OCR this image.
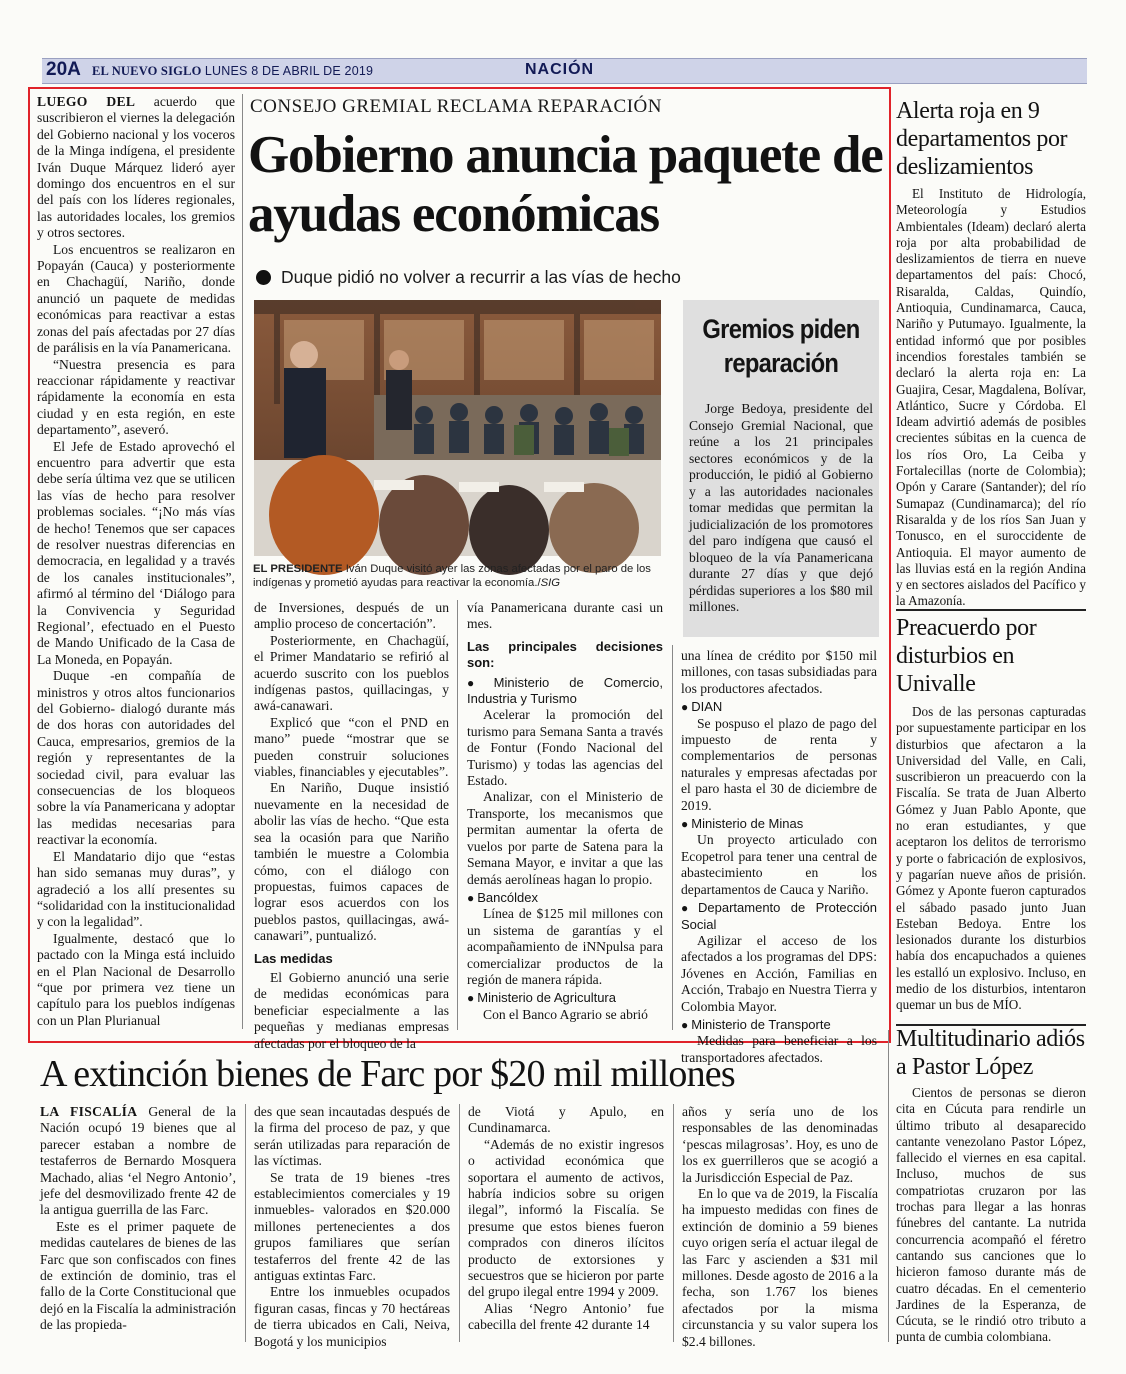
20A EL NUEVO SIGLO LUNES 8 DE ABRIL DE 2019	NACIÓN

LUEGO DEL acuerdo que suscribieron el viernes la delegación del Gobierno nacional y los voceros de la Minga indígena, el presidente Iván Duque Márquez lideró ayer domingo dos encuentros en el sur del país con los líderes regionales, las autoridades locales, los gremios y otros sectores.

Los encuentros se realizaron en Popayán (Cauca) y posteriormente en Chachagüí, Nariño, donde anunció un paquete de medidas económicas para reactivar a estas zonas del país afectadas por 27 días de parálisis en la vía Panamericana.

“Nuestra presencia es para reaccionar rápidamente y reactivar rápidamente la economía en esta ciudad y en esta región, en este departamento”, aseveró.

El Jefe de Estado aprovechó el encuentro para advertir que esta debe sería última vez que se utilicen las vías de hecho para resolver problemas sociales. “¡No más vías de hecho! Tenemos que ser capaces de resolver nuestras diferencias en democracia, en legalidad y a través de los canales institucionales”, afirmó al término del ‘Diálogo para la Convivencia y Seguridad Regional’, efectuado en el Puesto de Mando Unificado de la Casa de La Moneda, en Popayán.

Duque -en compañía de ministros y otros altos funcionarios del Gobierno- dialogó durante más de dos horas con autoridades del Cauca, empresarios, gremios de la región y representantes de la sociedad civil, para evaluar las consecuencias de los bloqueos sobre la vía Panamericana y adoptar las medidas necesarias para reactivar la economía.

El Mandatario dijo que “estas han sido semanas muy duras”, y agradeció a los allí presentes su “solidaridad con la institucionalidad y con la legalidad”.

Igualmente, destacó que lo pactado con la Minga está incluido en el Plan Nacional de Desarrollo “que por primera vez tiene un capítulo para los pueblos indígenas con un Plan Plurianual

CONSEJO GREMIAL RECLAMA REPARACIÓN
Gobierno anuncia paquete de ayudas económicas
Duque pidió no volver a recurrir a las vías de hecho
EL PRESIDENTE Iván Duque visitó ayer las zonas afectadas por el paro de los indígenas y prometió ayudas para reactivar la economía./SIG

de Inversiones, después de un amplio proceso de concertación”.

Posteriormente, en Chachagüí, el Primer Mandatario se refirió al acuerdo suscrito con los pueblos indígenas pastos, quillacingas, y awá-canawari.

Explicó que “con el PND en mano” puede “mostrar que se pueden construir soluciones viables, financiables y ejecutables”.

En Nariño, Duque insistió nuevamente en la necesidad de abolir las vías de hecho. “Que esta sea la ocasión para que Nariño también le muestre a Colombia cómo, con el diálogo con propuestas, fuimos capaces de lograr esos acuerdos con los pueblos pastos, quillacingas, awá-canawari”, puntualizó.

Las medidas

El Gobierno anunció una serie de medidas económicas para beneficiar especialmente a las pequeñas y medianas empresas afectadas por el bloqueo de la

vía Panamericana durante casi un mes.

Las principales decisiones son:

● Ministerio de Comercio, Industria y Turismo

Acelerar la promoción del turismo para Semana Santa a través de Fontur (Fondo Nacional del Turismo) y todas las agencias del Estado.

Analizar, con el Ministerio de Transporte, los mecanismos que permitan aumentar la oferta de vuelos por parte de Satena para la Semana Mayor, e invitar a que las demás aerolíneas hagan lo propio.

● Bancóldex

Línea de $125 mil millones con un sistema de garantías y el acompañamiento de iNNpulsa para comercializar productos de la región de manera rápida.

● Ministerio de Agricultura

Con el Banco Agrario se abrió

Gremios piden reparación

Jorge Bedoya, presidente del Consejo Gremial Nacional, que reúne a los 21 principales sectores económicos y de la producción, le pidió al Gobierno y a las autoridades nacionales tomar medidas que permitan la judicialización de los promotores del paro indígena que causó el bloqueo de la vía Panamericana durante 27 días y que dejó pérdidas superiores a los $80 mil millones.

una línea de crédito por $150 mil millones, con tasas subsidiadas para los productores afectados.

● DIAN

Se pospuso el plazo de pago del impuesto de renta y complementarios de personas naturales y empresas afectadas por el paro hasta el 30 de diciembre de 2019.

● Ministerio de Minas

Un proyecto articulado con Ecopetrol para tener una central de abastecimiento en los departamentos de Cauca y Nariño.

● Departamento de Protección Social

Agilizar el acceso de los afectados a los programas del DPS: Jóvenes en Acción, Familias en Acción, Trabajo en Nuestra Tierra y Colombia Mayor.

● Ministerio de Transporte

Medidas para beneficiar a los transportadores afectados.

Alerta roja en 9 departamentos por deslizamientos

El Instituto de Hidrología, Meteorología y Estudios Ambientales (Ideam) declaró alerta roja por alta probabilidad de deslizamientos de tierra en nueve departamentos del país: Chocó, Risaralda, Caldas, Quindío, Antioquia, Cundinamarca, Cauca, Nariño y Putumayo. Igualmente, la entidad informó que por posibles incendios forestales también se declaró la alerta roja en: La Guajira, Cesar, Magdalena, Bolívar, Atlántico, Sucre y Córdoba. El Ideam advirtió además de posibles crecientes súbitas en la cuenca de los ríos Oro, La Ceiba y Fortalecillas (norte de Colombia); Opón y Carare (Santander); del río Sumapaz (Cundinamarca); del río Risaralda y de los ríos San Juan y Tonusco, en el suroccidente de Antioquia. El mayor aumento de las lluvias está en la región Andina y en sectores aislados del Pacífico y la Amazonía.

Preacuerdo por disturbios en Univalle

Dos de las personas capturadas por supuestamente participar en los disturbios que afectaron a la Universidad del Valle, en Cali, suscribieron un preacuerdo con la Fiscalía. Se trata de Juan Alberto Gómez y Juan Pablo Aponte, que no eran estudiantes, y que aceptaron los delitos de terrorismo y porte o fabricación de explosivos, y pagarían nueve años de prisión. Gómez y Aponte fueron capturados el sábado pasado junto Juan Esteban Bedoya. Entre los lesionados durante los disturbios había dos encapuchados a quienes les estalló un explosivo. Incluso, en medio de los disturbios, intentaron quemar un bus de MÍO.

Multitudinario adiós a Pastor López

Cientos de personas se dieron cita en Cúcuta para rendirle un último tributo al desaparecido cantante venezolano Pastor López, fallecido el viernes en esa capital. Incluso, muchos de sus compatriotas cruzaron por las trochas para llegar a las honras fúnebres del cantante. La nutrida concurrencia acompañó el féretro cantando sus canciones que lo hicieron famoso durante más de cuatro décadas. En el cementerio Jardines de la Esperanza, de Cúcuta, se le rindió otro tributo a punta de cumbia colombiana.

A extinción bienes de Farc por $20 mil millones

LA FISCALÍA General de la Nación ocupó 19 bienes que al parecer estaban a nombre de testaferros de Bernardo Mosquera Machado, alias ‘el Negro Antonio’, jefe del desmovilizado frente 42 de la antigua guerrilla de las Farc.

Este es el primer paquete de medidas cautelares de bienes de las Farc que son confiscados con fines de extinción de dominio, tras el fallo de la Corte Constitucional que dejó en la Fiscalía la administración de las propieda-

des que sean incautadas después de la firma del proceso de paz, y que serán utilizadas para reparación de las víctimas.

Se trata de 19 bienes -tres establecimientos comerciales y 19 inmuebles- valorados en $20.000 millones pertenecientes a dos grupos familiares que serían testaferros del frente 42 de las antiguas extintas Farc.

Entre los inmuebles ocupados figuran casas, fincas y 70 hectáreas de tierra ubicados en Cali, Neiva, Bogotá y los municipios

de Viotá y Apulo, en Cundinamarca.

“Además de no existir ingresos o actividad económica que soportara el aumento de activos, habría indicios sobre su origen ilegal”, informó la Fiscalía. Se presume que estos bienes fueron comprados con dineros ilícitos producto de extorsiones y secuestros que se hicieron por parte del grupo ilegal entre 1994 y 2009.

Alias ‘Negro Antonio’ fue cabecilla del frente 42 durante 14

años y sería uno de los responsables de las denominadas ‘pescas milagrosas’. Hoy, es uno de los ex guerrilleros que se acogió a la Jurisdicción Especial de Paz.

En lo que va de 2019, la Fiscalía ha impuesto medidas con fines de extinción de dominio a 59 bienes cuyo origen sería el actuar ilegal de las Farc y ascienden a $31 mil millones. Desde agosto de 2016 a la fecha, son 1.767 los bienes afectados por la misma circunstancia y su valor supera los $2.4 billones.
